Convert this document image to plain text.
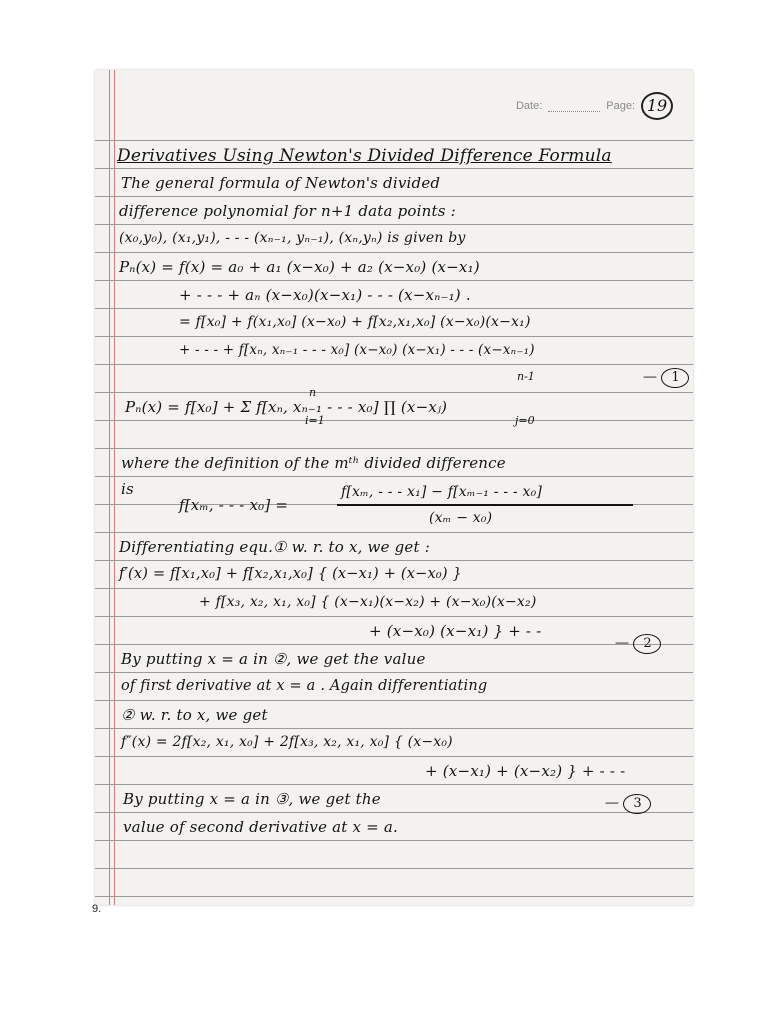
Date:	Page: 19
Derivatives Using Newton's Divided Difference Formula
The general formula of Newton's divided
difference polynomial for n+1 data points :
(x₀,y₀), (x₁,y₁), - - - (xₙ₋₁, yₙ₋₁), (xₙ,yₙ) is given by
Pₙ(x) = f(x) = a₀ + a₁ (x−x₀) + a₂ (x−x₀) (x−x₁)
+ - - - + aₙ (x−x₀)(x−x₁) - - - (x−xₙ₋₁) .
= f[x₀] + f(x₁,x₀] (x−x₀) + f[x₂,x₁,x₀] (x−x₀)(x−x₁)
+ - - - + f[xₙ, xₙ₋₁ - - - x₀] (x−x₀) (x−x₁) - - - (x−xₙ₋₁)
— 1
n
i=1
n-1
j=0
Pₙ(x) = f[x₀] + Σ f[xₙ, xₙ₋₁ - - - x₀] ∏ (x−xⱼ)
where the definition of the mᵗʰ divided difference
is	f[xₘ, - - - x₁] − f[xₘ₋₁ - - - x₀]
f[xₘ, - - - x₀] =
(xₘ − x₀)
Differentiating equ.① w. r. to x, we get :
f′(x) = f[x₁,x₀] + f[x₂,x₁,x₀] { (x−x₁) + (x−x₀) }
+ f[x₃, x₂, x₁, x₀] { (x−x₁)(x−x₂) + (x−x₀)(x−x₂)
+ (x−x₀) (x−x₁) } + - -
— 2
By putting x = a in ②, we get the value
of first derivative at x = a . Again differentiating
② w. r. to x, we get
f″(x) = 2f[x₂, x₁, x₀] + 2f[x₃, x₂, x₁, x₀] { (x−x₀)
+ (x−x₁) + (x−x₂) } + - - -
By putting x = a in ③, we get the	— 3
value of second derivative at x = a.
9.
